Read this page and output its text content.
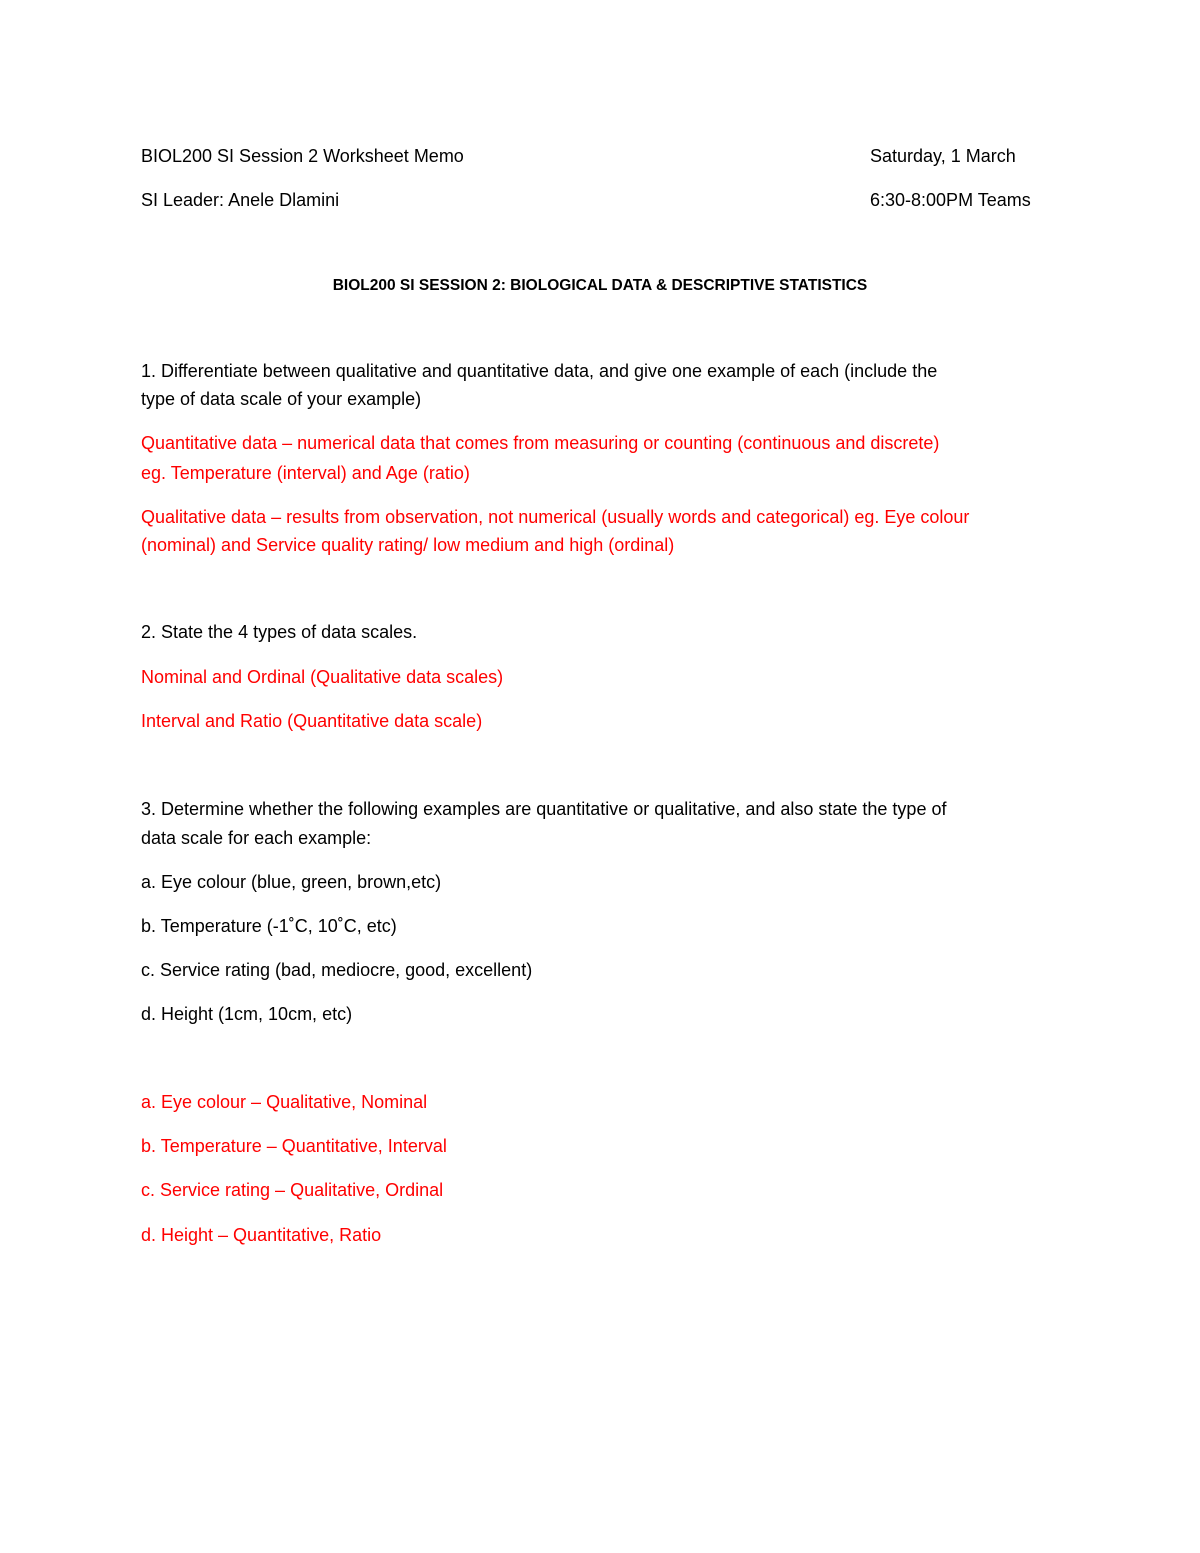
BIOL200 SI Session 2 Worksheet Memo	Saturday, 1 March
SI Leader: Anele Dlamini	6:30-8:00PM Teams
BIOL200 SI SESSION 2: BIOLOGICAL DATA & DESCRIPTIVE STATISTICS
1. Differentiate between qualitative and quantitative data, and give one example of each (include the
type of data scale of your example)
Quantitative data – numerical data that comes from measuring or counting (continuous and discrete)
eg. Temperature (interval) and Age (ratio)
Qualitative data – results from observation, not numerical (usually words and categorical) eg. Eye colour
(nominal) and Service quality rating/ low medium and high (ordinal)
2. State the 4 types of data scales.
Nominal and Ordinal (Qualitative data scales)
Interval and Ratio (Quantitative data scale)
3. Determine whether the following examples are quantitative or qualitative, and also state the type of
data scale for each example:
a. Eye colour (blue, green, brown,etc)
b. Temperature (-1˚C, 10˚C, etc)
c. Service rating (bad, mediocre, good, excellent)
d. Height (1cm, 10cm, etc)
a. Eye colour – Qualitative, Nominal
b. Temperature – Quantitative, Interval
c. Service rating – Qualitative, Ordinal
d. Height – Quantitative, Ratio
